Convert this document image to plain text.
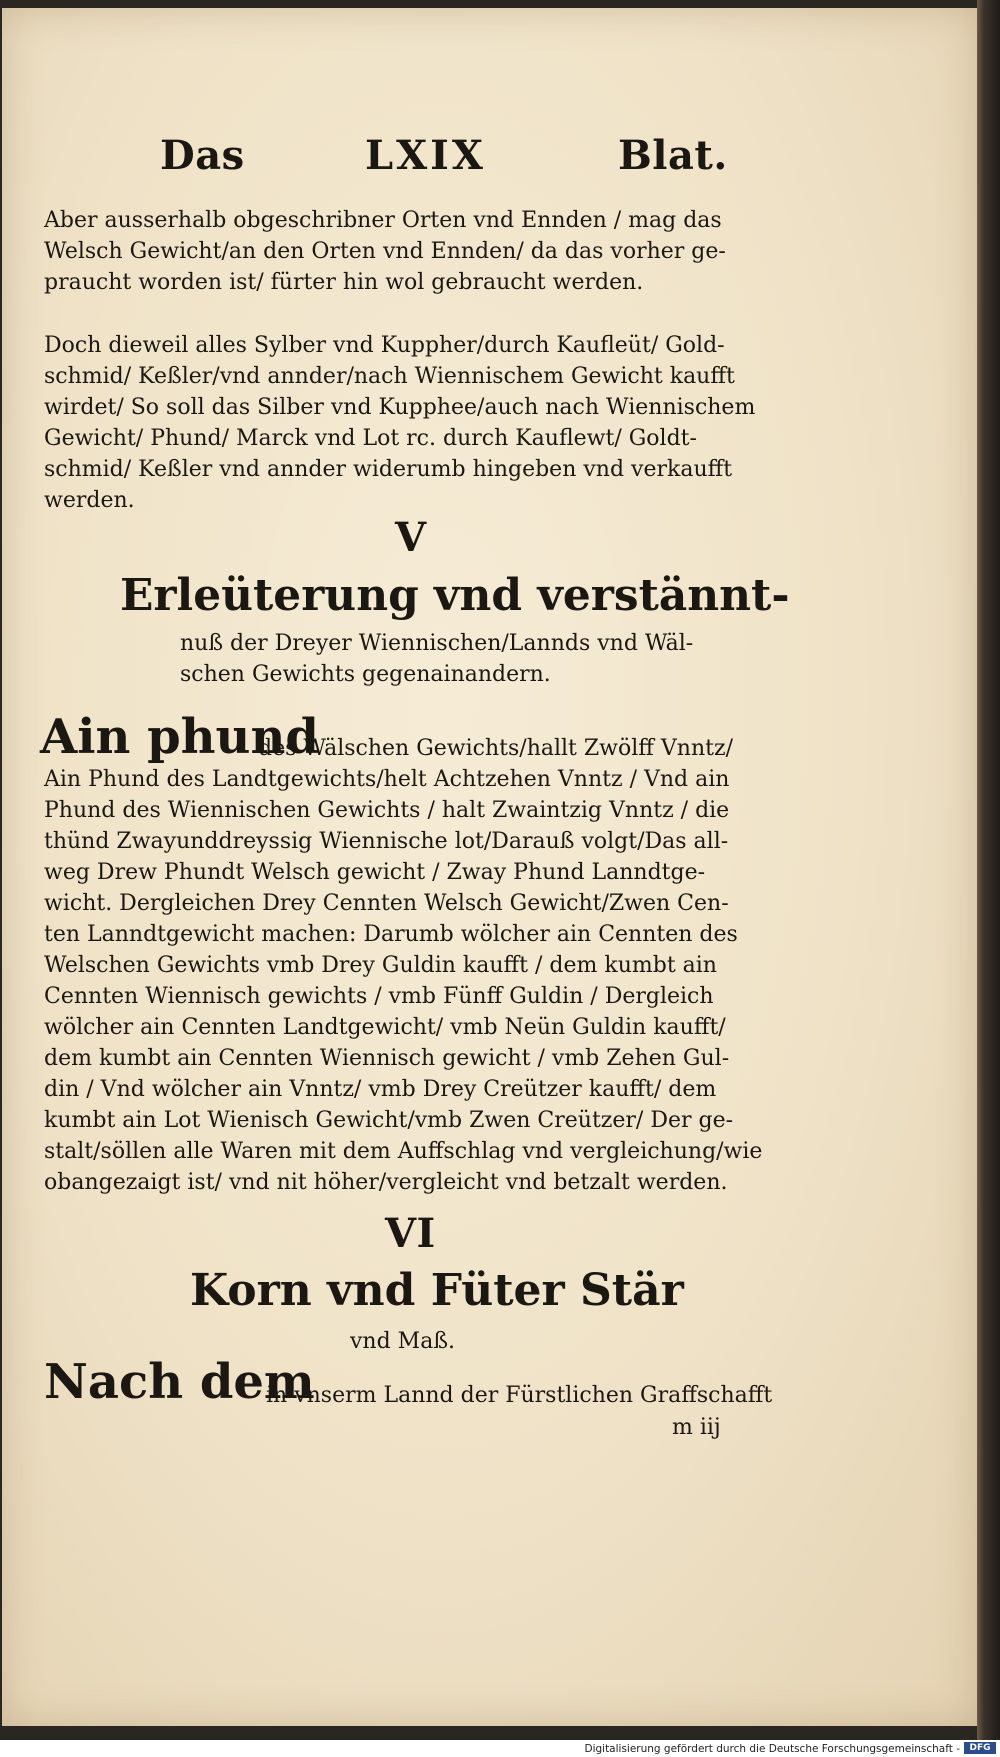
Das	LXIX	Blat.
Aber ausserhalb obgeschribner Orten vnd Ennden / mag das
Welsch Gewicht/an den Orten vnd Ennden/ da das vorher ge-
praucht worden ist/ fürter hin wol gebraucht werden.
Doch dieweil alles Sylber vnd Kuppher/durch Kaufleüt/ Gold-
schmid/ Keßler/vnd annder/nach Wiennischem Gewicht kaufft
wirdet/ So soll das Silber vnd Kupphee/auch nach Wiennischem
Gewicht/ Phund/ Marck vnd Lot rc. durch Kauflewt/ Goldt-
schmid/ Keßler vnd annder widerumb hingeben vnd verkaufft
werden.
V
Erleüterung vnd verstännt-
nuß der Dreyer Wiennischen/Lannds vnd Wäl-
schen Gewichts gegenainandern.
Ain phund
des Wälschen Gewichts/hallt Zwölff Vnntz/
Ain Phund des Landtgewichts/helt Achtzehen Vnntz / Vnd ain
Phund des Wiennischen Gewichts / halt Zwaintzig Vnntz / die
thünd Zwayunddreyssig Wiennische lot/Darauß volgt/Das all-
weg Drew Phundt Welsch gewicht / Zway Phund Lanndtge-
wicht. Dergleichen Drey Cennten Welsch Gewicht/Zwen Cen-
ten Lanndtgewicht machen: Darumb wölcher ain Cennten des
Welschen Gewichts vmb Drey Guldin kaufft / dem kumbt ain
Cennten Wiennisch gewichts / vmb Fünff Guldin / Dergleich
wölcher ain Cennten Landtgewicht/ vmb Neün Guldin kaufft/
dem kumbt ain Cennten Wiennisch gewicht / vmb Zehen Gul-
din / Vnd wölcher ain Vnntz/ vmb Drey Creützer kaufft/ dem
kumbt ain Lot Wienisch Gewicht/vmb Zwen Creützer/ Der ge-
stalt/söllen alle Waren mit dem Auffschlag vnd vergleichung/wie
obangezaigt ist/ vnd nit höher/vergleicht vnd betzalt werden.
VI
Korn vnd Füter Stär
vnd Maß.
Nach dem
in vnserm Lannd der Fürstlichen Graffschafft
m iij
Digitalisierung gefördert durch die Deutsche Forschungsgemeinschaft -	DFG
